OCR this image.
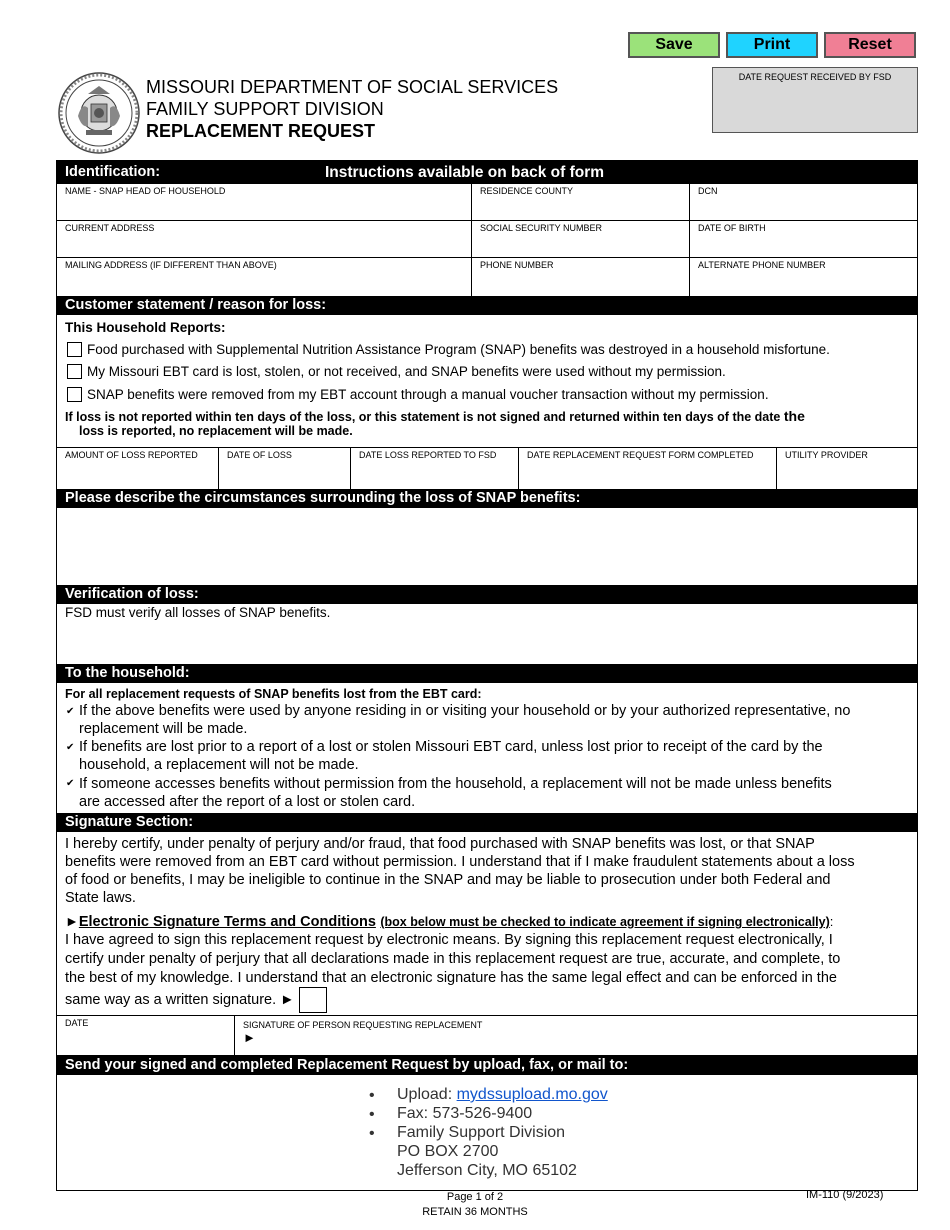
Save	Print	Reset
MISSOURI DEPARTMENT OF SOCIAL SERVICES
FAMILY SUPPORT DIVISION
REPLACEMENT REQUEST
DATE REQUEST RECEIVED BY FSD
Identification:	Instructions available on back of form
NAME - SNAP HEAD OF HOUSEHOLD	RESIDENCE COUNTY	DCN
CURRENT ADDRESS	SOCIAL SECURITY NUMBER	DATE OF BIRTH
MAILING ADDRESS (IF DIFFERENT THAN ABOVE)	PHONE NUMBER	ALTERNATE PHONE NUMBER
Customer statement / reason for loss:
This Household Reports:
Food purchased with Supplemental Nutrition Assistance Program (SNAP) benefits was destroyed in a household misfortune.
My Missouri EBT card is lost, stolen, or not received, and SNAP benefits were used without my permission.
SNAP benefits were removed from my EBT account through a manual voucher transaction without my permission.
If loss is not reported within ten days of the loss, or this statement is not signed and returned within ten days of the date the
loss is reported, no replacement will be made.
AMOUNT OF LOSS REPORTED	DATE OF LOSS	DATE LOSS REPORTED TO FSD	DATE REPLACEMENT REQUEST FORM COMPLETED	UTILITY PROVIDER
Please describe the circumstances surrounding the loss of SNAP benefits:
Verification of loss:
FSD must verify all losses of SNAP benefits.
To the household:
For all replacement requests of SNAP benefits lost from the EBT card:
✔ If the above benefits were used by anyone residing in or visiting your household or by your authorized representative, no
replacement will be made.
✔ If benefits are lost prior to a report of a lost or stolen Missouri EBT card, unless lost prior to receipt of the card by the
household, a replacement will not be made.
✔ If someone accesses benefits without permission from the household, a replacement will not be made unless benefits
are accessed after the report of a lost or stolen card.
Signature Section:
I hereby certify, under penalty of perjury and/or fraud, that food purchased with SNAP benefits was lost, or that SNAP
benefits were removed from an EBT card without permission. I understand that if I make fraudulent statements about a loss
of food or benefits, I may be ineligible to continue in the SNAP and may be liable to prosecution under both Federal and
State laws.
►Electronic Signature Terms and Conditions (box below must be checked to indicate agreement if signing electronically):
I have agreed to sign this replacement request by electronic means. By signing this replacement request electronically, I
certify under penalty of perjury that all declarations made in this replacement request are true, accurate, and complete, to
the best of my knowledge. I understand that an electronic signature has the same legal effect and can be enforced in the
same way as a written signature. ►
DATE	SIGNATURE OF PERSON REQUESTING REPLACEMENT
►
Send your signed and completed Replacement Request by upload, fax, or mail to:
• Upload: mydssupload.mo.gov
• Fax: 573-526-9400
• Family Support Division
PO BOX 2700
Jefferson City, MO 65102
Page 1 of 2
RETAIN 36 MONTHS
IM-110 (9/2023)
